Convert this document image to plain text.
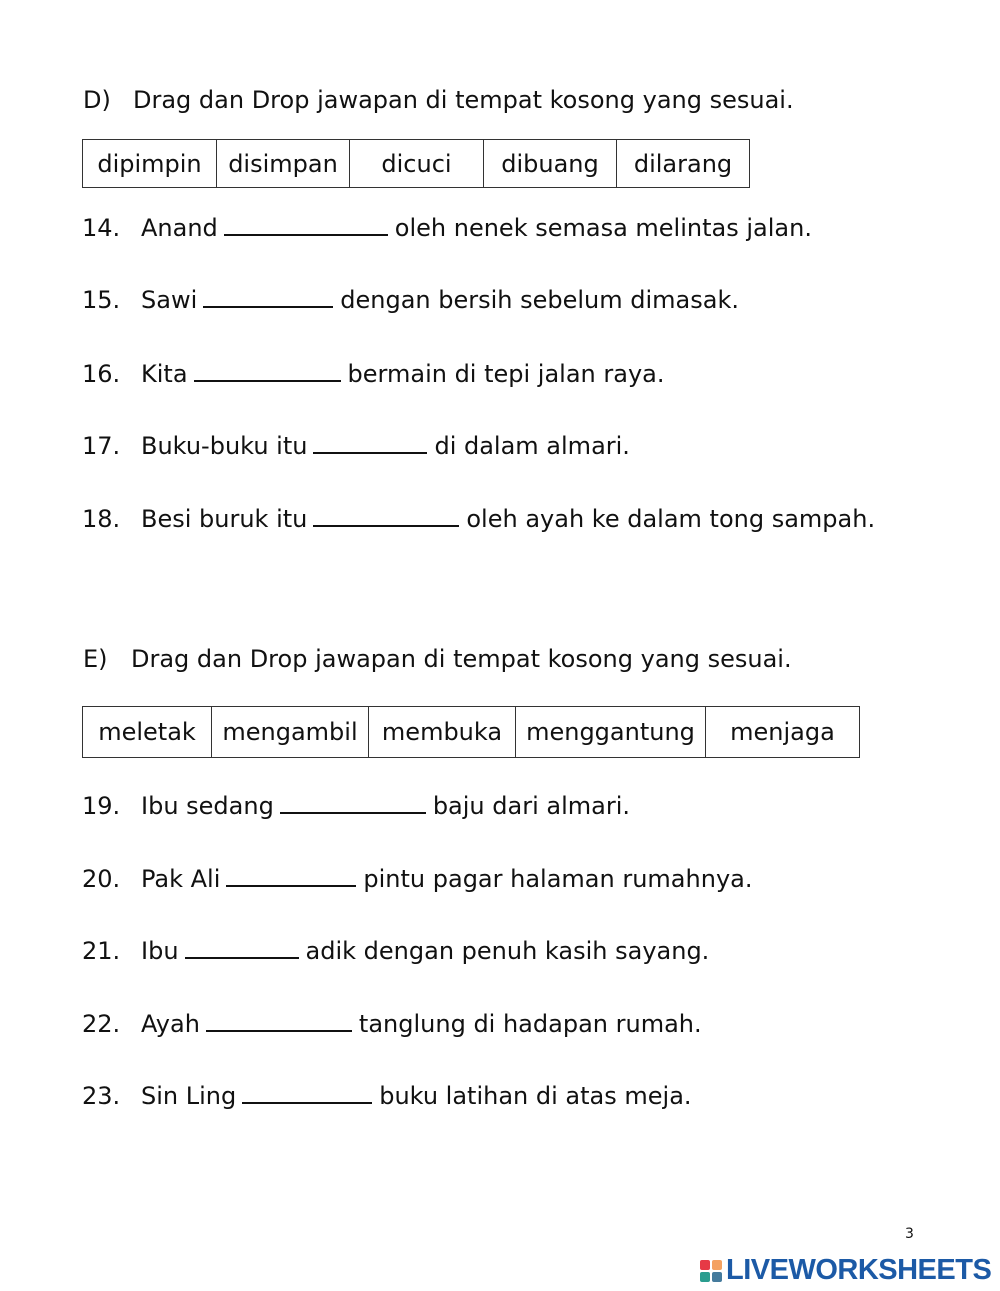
D) Drag dan Drop jawapan di tempat kosong yang sesuai.
dipimpin	disimpan	dicuci	dibuang	dilarang
14. Anand	oleh nenek semasa melintas jalan.
15. Sawi	dengan bersih sebelum dimasak.
16. Kita	bermain di tepi jalan raya.
17. Buku-buku itu	di dalam almari.
18. Besi buruk itu	oleh ayah ke dalam tong sampah.
E) Drag dan Drop jawapan di tempat kosong yang sesuai.
meletak	mengambil	membuka	menggantung	menjaga
19. Ibu sedang	baju dari almari.
20. Pak Ali	pintu pagar halaman rumahnya.
21. Ibu	adik dengan penuh kasih sayang.
22. Ayah	tanglung di hadapan rumah.
23. Sin Ling	buku latihan di atas meja.
3
LIVEWORKSHEETS
